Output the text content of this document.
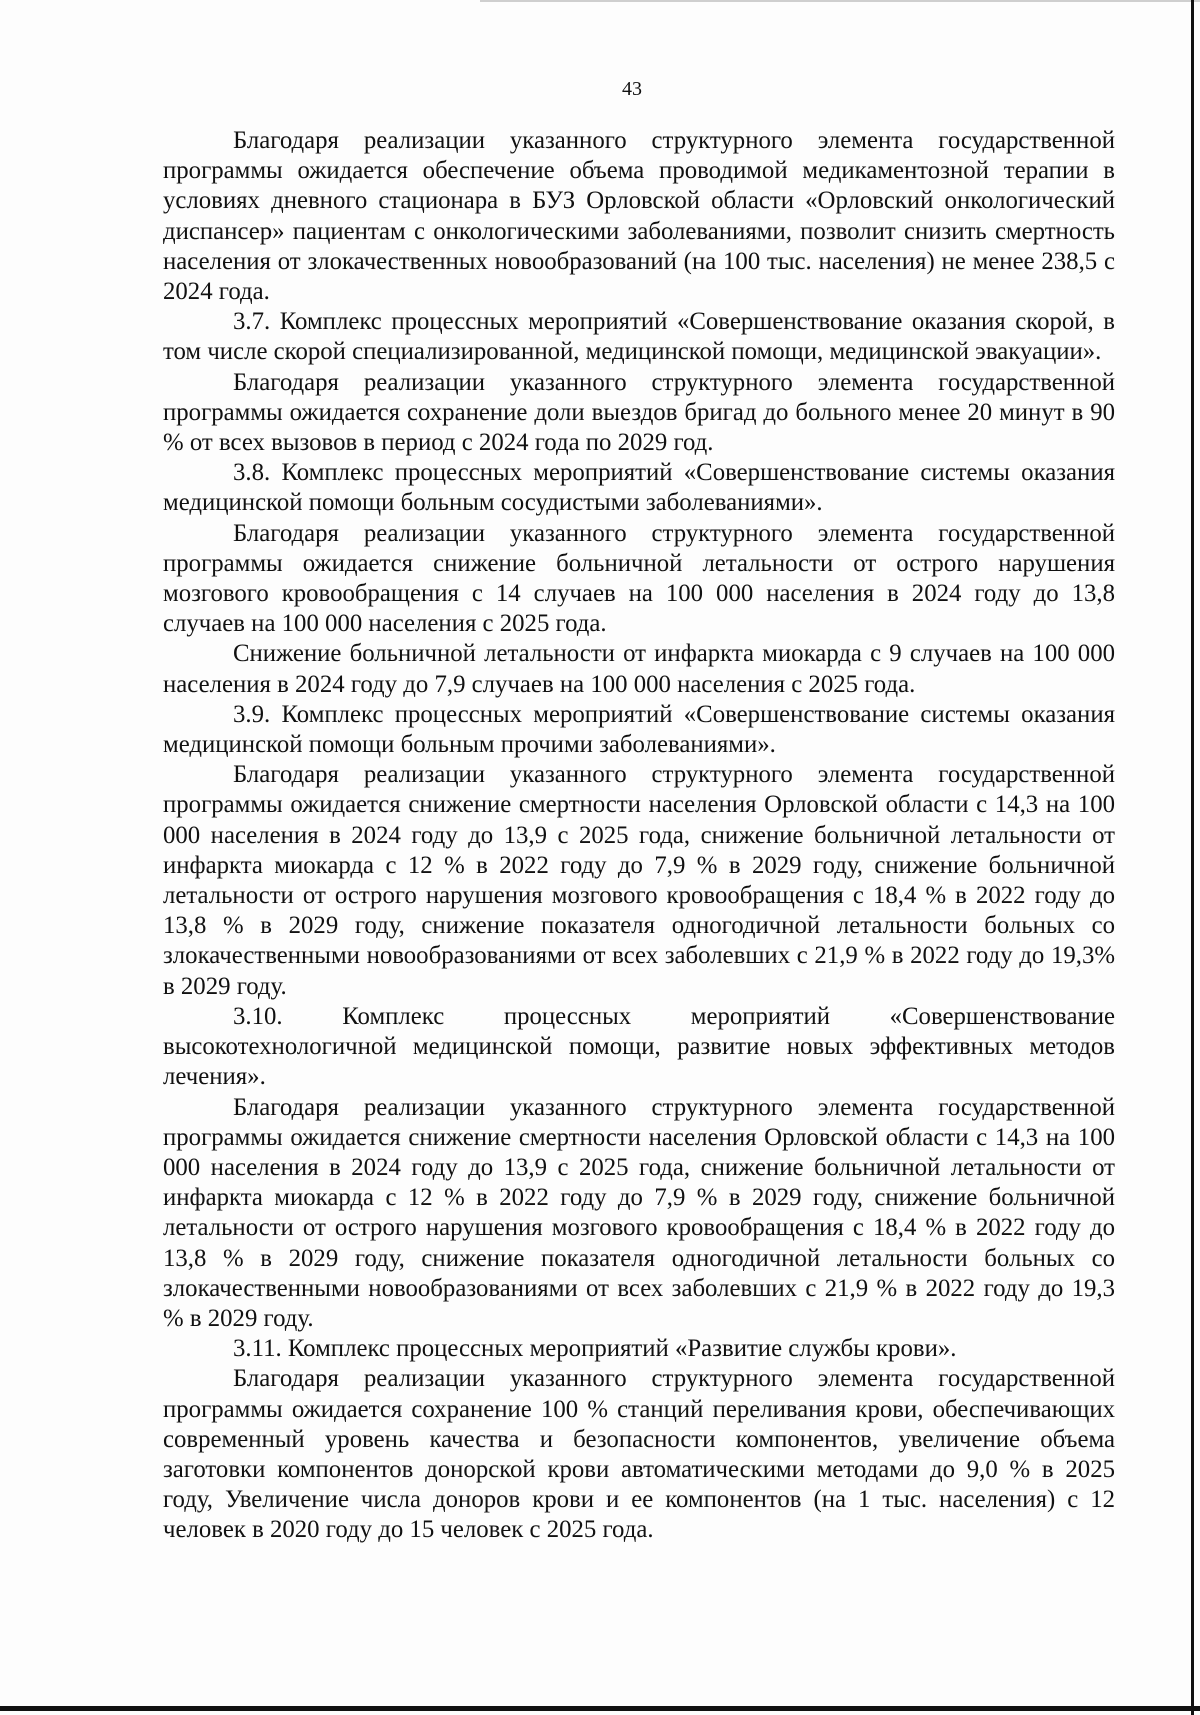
43

Благодаря реализации указанного структурного элемента государственной программы ожидается обеспечение объема проводимой медикаментозной терапии в условиях дневного стационара в БУЗ Орловской области «Орловский онкологический диспансер» пациентам с онкологическими заболеваниями, позволит снизить смертность населения от злокачественных новообразований (на 100 тыс. населения) не менее 238,5 с 2024 года.

3.7. Комплекс процессных мероприятий «Совершенствование оказания скорой, в том числе скорой специализированной, медицинской помощи, медицинской эвакуации».

Благодаря реализации указанного структурного элемента государственной программы ожидается сохранение доли выездов бригад до больного менее 20 минут в 90 % от всех вызовов в период с 2024 года по 2029 год.

3.8. Комплекс процессных мероприятий «Совершенствование системы оказания медицинской помощи больным сосудистыми заболеваниями».

Благодаря реализации указанного структурного элемента государственной программы ожидается снижение больничной летальности от острого нарушения мозгового кровообращения с 14 случаев на 100 000 населения в 2024 году до 13,8 случаев на 100 000 населения с 2025 года.

Снижение больничной летальности от инфаркта миокарда с 9 случаев на 100 000 населения в 2024 году до 7,9 случаев на 100 000 населения с 2025 года.

3.9. Комплекс процессных мероприятий «Совершенствование системы оказания медицинской помощи больным прочими заболеваниями».

Благодаря реализации указанного структурного элемента государственной программы ожидается снижение смертности населения Орловской области с 14,3 на 100 000 населения в 2024 году до 13,9 с 2025 года, снижение больничной летальности от инфаркта миокарда с 12 % в 2022 году до 7,9 % в 2029 году, снижение больничной летальности от острого нарушения мозгового кровообращения с 18,4 % в 2022 году до 13,8 % в 2029 году, снижение показателя одногодичной летальности больных со злокачественными новообразованиями от всех заболевших с 21,9 % в 2022 году до 19,3% в 2029 году.

3.10. Комплекс процессных мероприятий «Совершенствование высокотехнологичной медицинской помощи, развитие новых эффективных методов лечения».

Благодаря реализации указанного структурного элемента государственной программы ожидается снижение смертности населения Орловской области с 14,3 на 100 000 населения в 2024 году до 13,9 с 2025 года, снижение больничной летальности от инфаркта миокарда с 12 % в 2022 году до 7,9 % в 2029 году, снижение больничной летальности от острого нарушения мозгового кровообращения с 18,4 % в 2022 году до 13,8 % в 2029 году, снижение показателя одногодичной летальности больных со злокачественными новообразованиями от всех заболевших с 21,9 % в 2022 году до 19,3 % в 2029 году.

3.11. Комплекс процессных мероприятий «Развитие службы крови».

Благодаря реализации указанного структурного элемента государственной программы ожидается сохранение 100 % станций переливания крови, обеспечивающих современный уровень качества и безопасности компонентов, увеличение объема заготовки компонентов донорской крови автоматическими методами до 9,0 % в 2025 году, Увеличение числа доноров крови и ее компонентов (на 1 тыс. населения) с 12 человек в 2020 году до 15 человек с 2025 года.
